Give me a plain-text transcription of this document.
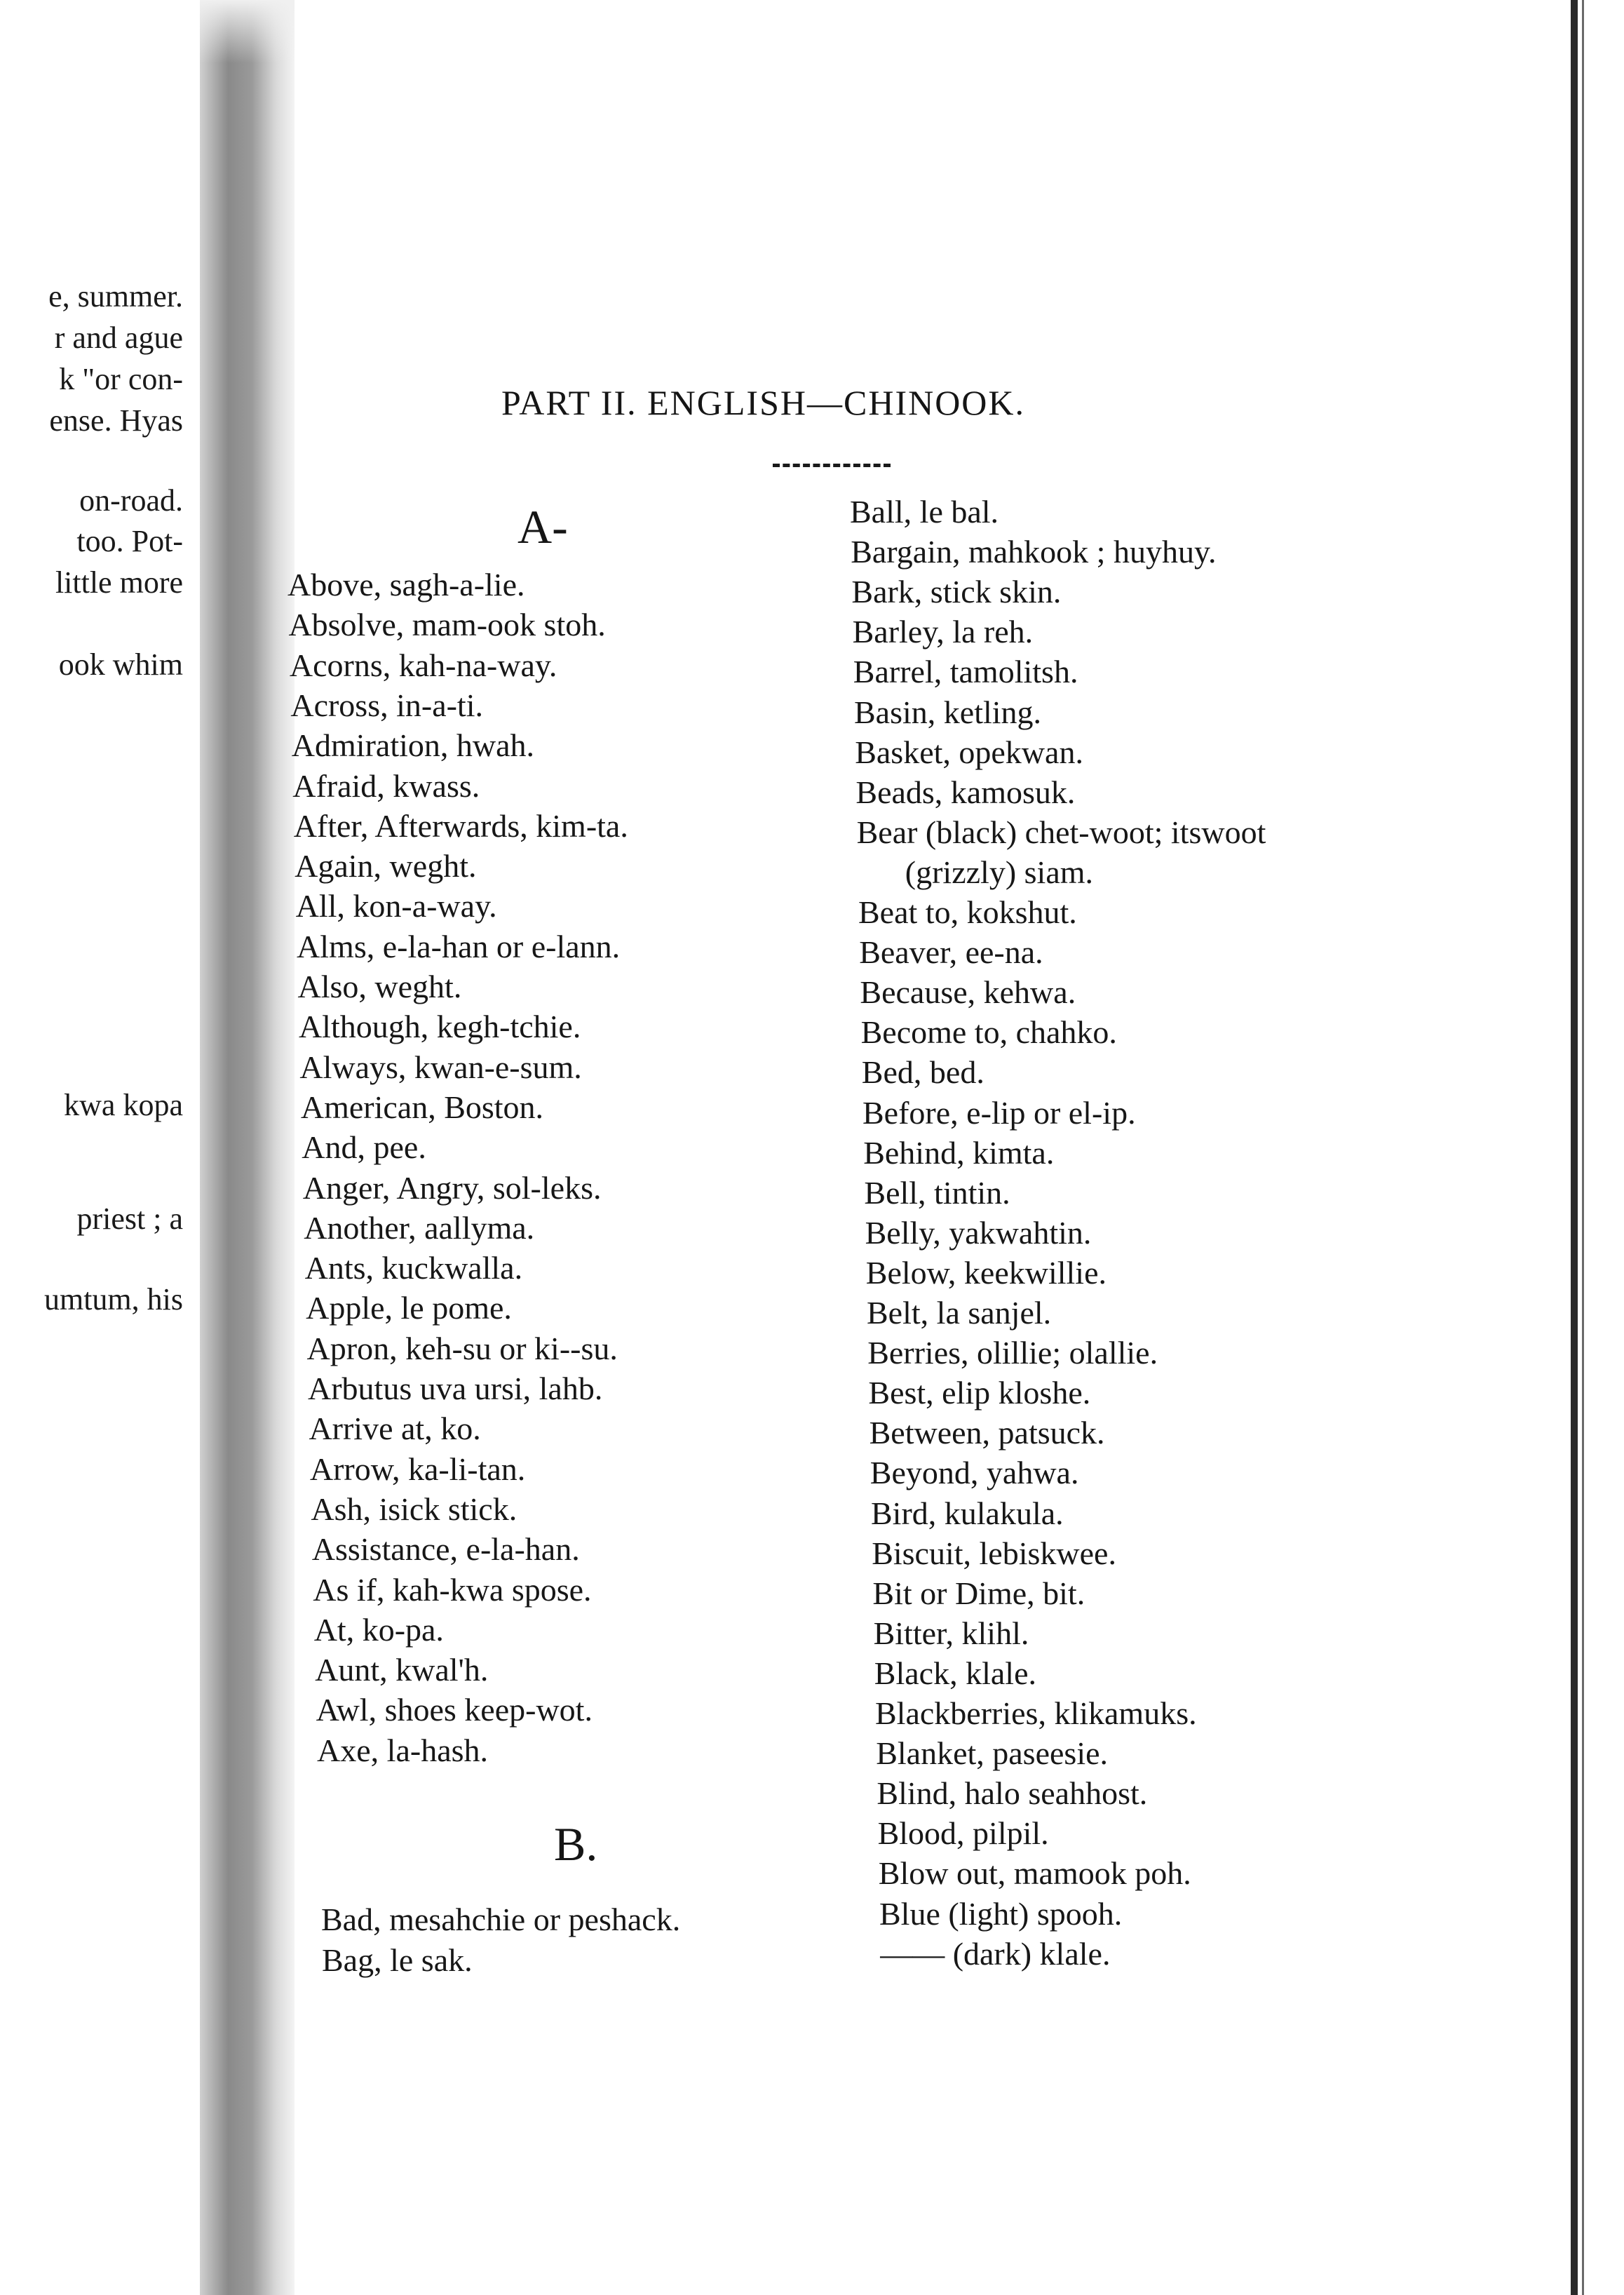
e, summer.
r and ague
k "or con-
ense. Hyas
on-road.
too. Pot-
little more
ook whim
kwa kopa
priest ; a
umtum, his
PART II. ENGLISH—CHINOOK.
A-
B.
Above, sagh-a-lie.
Absolve, mam-ook stoh.
Acorns, kah-na-way.
Across, in-a-ti.
Admiration, hwah.
Afraid, kwass.
After, Afterwards, kim-ta.
Again, weght.
All, kon-a-way.
Alms, e-la-han or e-lann.
Also, weght.
Although, kegh-tchie.
Always, kwan-e-sum.
American, Boston.
And, pee.
Anger, Angry, sol-leks.
Another, aallyma.
Ants, kuckwalla.
Apple, le pome.
Apron, keh-su or ki--su.
Arbutus uva ursi, lahb.
Arrive at, ko.
Arrow, ka-li-tan.
Ash, isick stick.
Assistance, e-la-han.
As if, kah-kwa spose.
At, ko-pa.
Aunt, kwal'h.
Awl, shoes keep-wot.
Axe, la-hash.
Bad, mesahchie or peshack.
Bag, le sak.
Ball, le bal.
Bargain, mahkook ; huyhuy.
Bark, stick skin.
Barley, la reh.
Barrel, tamolitsh.
Basin, ketling.
Basket, opekwan.
Beads, kamosuk.
Bear (black) chet-woot; itswoot
(grizzly) siam.
Beat to, kokshut.
Beaver, ee-na.
Because, kehwa.
Become to, chahko.
Bed, bed.
Before, e-lip or el-ip.
Behind, kimta.
Bell, tintin.
Belly, yakwahtin.
Below, keekwillie.
Belt, la sanjel.
Berries, olillie; olallie.
Best, elip kloshe.
Between, patsuck.
Beyond, yahwa.
Bird, kulakula.
Biscuit, lebiskwee.
Bit or Dime, bit.
Bitter, klihl.
Black, klale.
Blackberries, klikamuks.
Blanket, paseesie.
Blind, halo seahhost.
Blood, pilpil.
Blow out, mamook poh.
Blue (light) spooh.
—— (dark) klale.
